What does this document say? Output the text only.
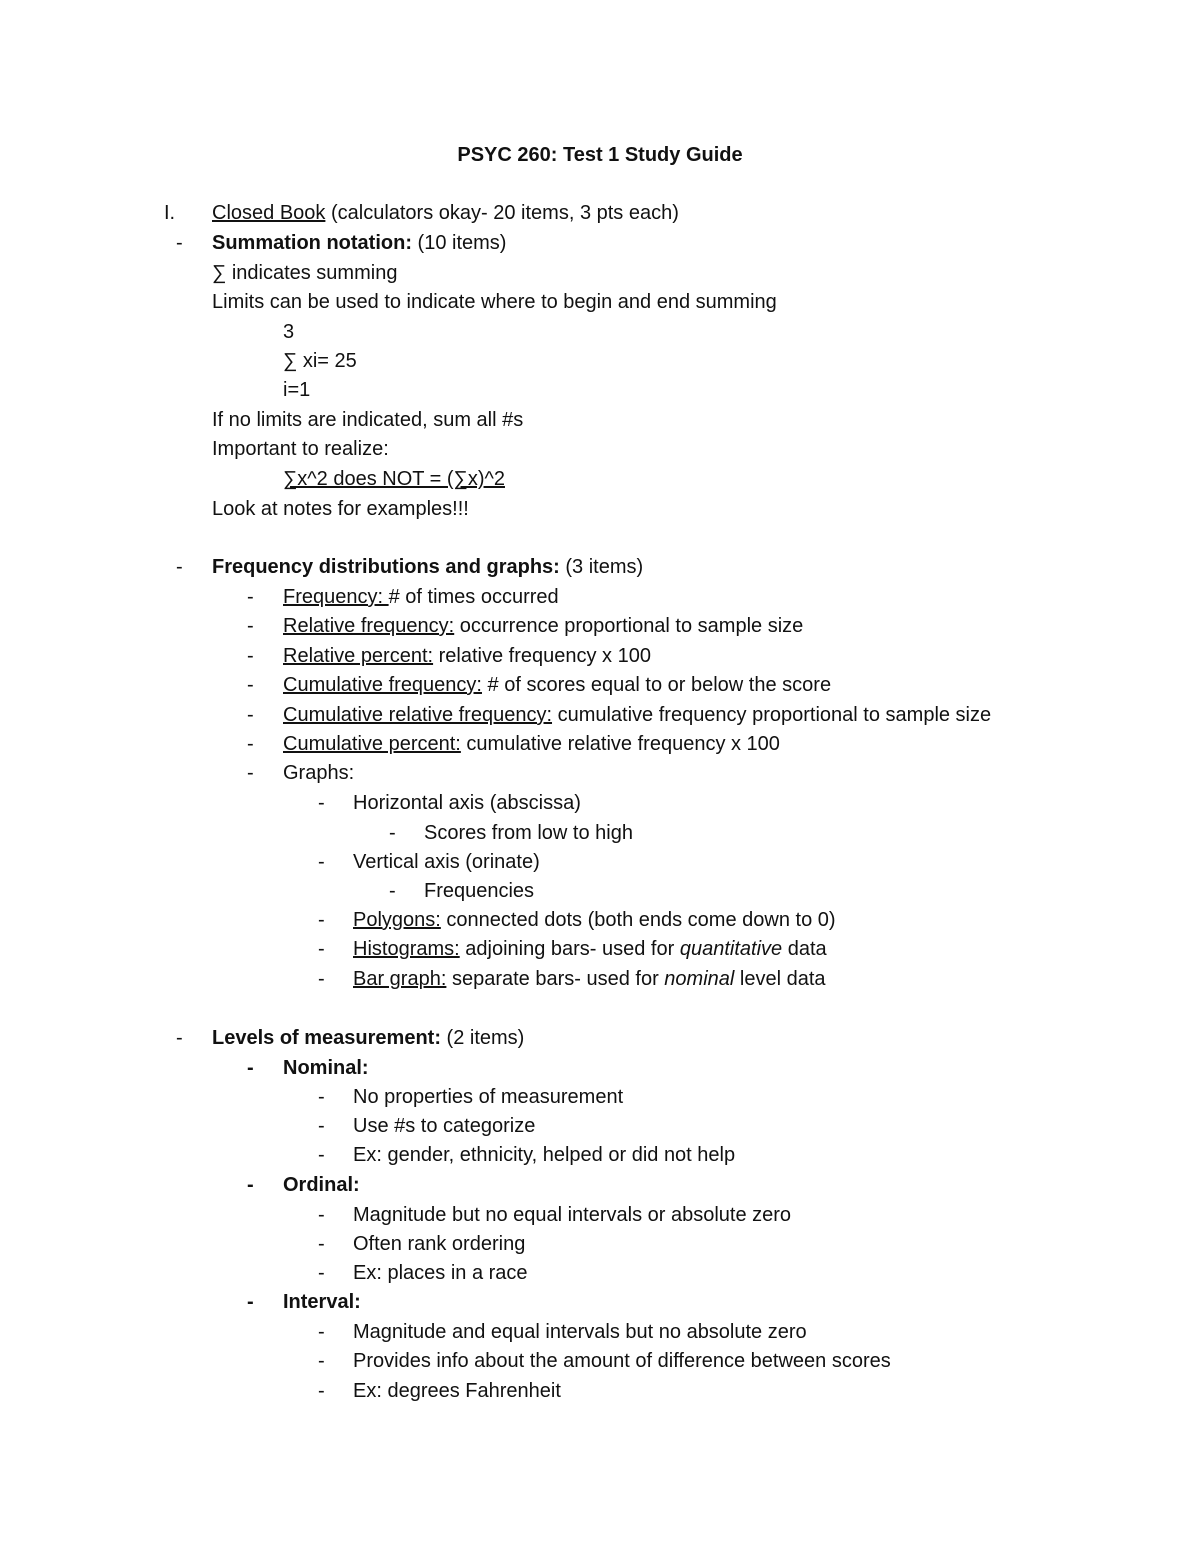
PSYC 260: Test 1 Study Guide
I. Closed Book (calculators okay- 20 items, 3 pts each)
- Summation notation: (10 items)
∑ indicates summing
Limits can be used to indicate where to begin and end summing
3
∑ xi= 25
i=1
If no limits are indicated, sum all #s
Important to realize:
∑x^2 does NOT = (∑x)^2
Look at notes for examples!!!
- Frequency distributions and graphs: (3 items)
- Frequency: # of times occurred
- Relative frequency: occurrence proportional to sample size
- Relative percent: relative frequency x 100
- Cumulative frequency: # of scores equal to or below the score
- Cumulative relative frequency: cumulative frequency proportional to sample size
- Cumulative percent: cumulative relative frequency x 100
- Graphs:
- Horizontal axis (abscissa)
- Scores from low to high
- Vertical axis (orinate)
- Frequencies
- Polygons: connected dots (both ends come down to 0)
- Histograms: adjoining bars- used for quantitative data
- Bar graph: separate bars- used for nominal level data
- Levels of measurement: (2 items)
- Nominal:
- No properties of measurement
- Use #s to categorize
- Ex: gender, ethnicity, helped or did not help
- Ordinal:
- Magnitude but no equal intervals or absolute zero
- Often rank ordering
- Ex: places in a race
- Interval:
- Magnitude and equal intervals but no absolute zero
- Provides info about the amount of difference between scores
- Ex: degrees Fahrenheit
